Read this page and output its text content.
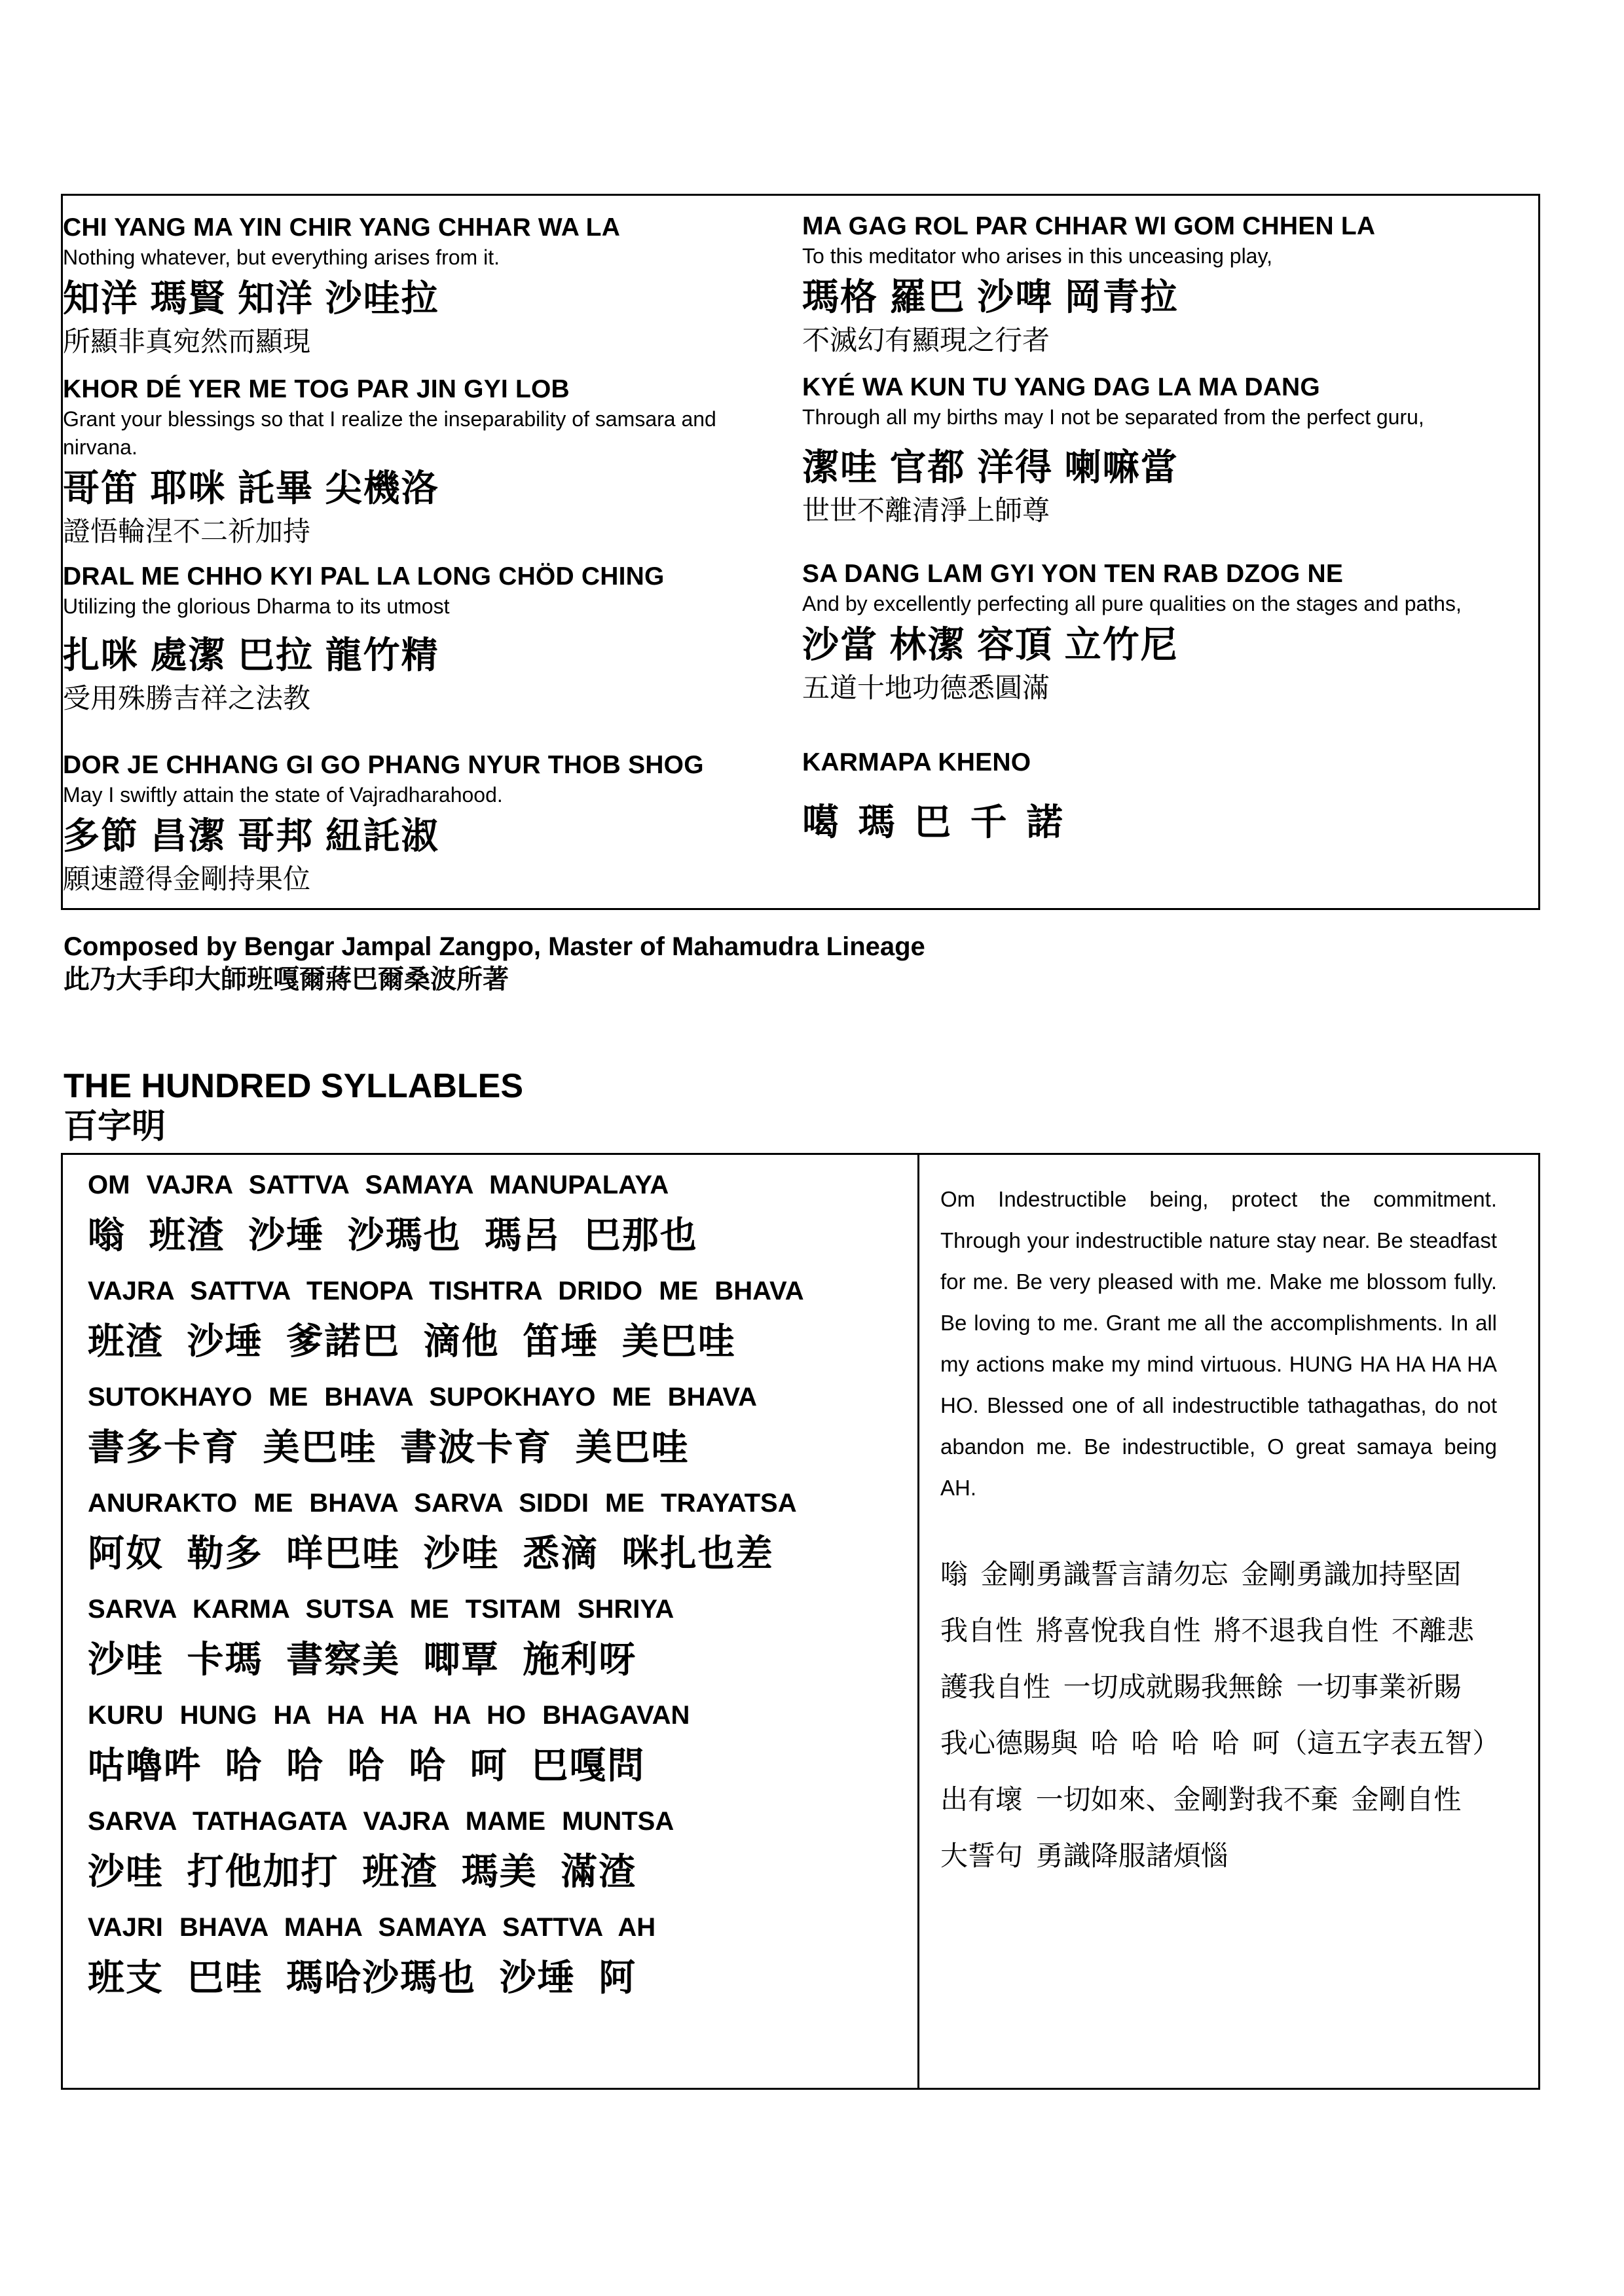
CHI YANG MA YIN CHIR YANG CHHAR WA LA
Nothing whatever, but everything arises from it.
知洋 瑪賢 知洋 沙哇拉
所顯非真宛然而顯現
KHOR DÉ YER ME TOG PAR JIN GYI LOB
Grant your blessings so that I realize the inseparability of samsara and nirvana.
哥笛 耶咪 託畢 尖機洛
證悟輪涅不二祈加持
DRAL ME CHHO KYI PAL LA LONG CHÖD CHING
Utilizing the glorious Dharma to its utmost
扎咪 處潔 巴拉 龍竹精
受用殊勝吉祥之法教
DOR JE CHHANG GI GO PHANG NYUR THOB SHOG
May I swiftly attain the state of Vajradharahood.
多節 昌潔 哥邦 紐託淑
願速證得金剛持果位
MA GAG ROL PAR CHHAR WI GOM CHHEN LA
To this meditator who arises in this unceasing play,
瑪格 羅巴 沙啤 岡青拉
不滅幻有顯現之行者
KYÉ WA KUN TU YANG DAG LA MA DANG
Through all my births may I not be separated from the perfect guru,
潔哇 官都 洋得 喇嘛當
世世不離清淨上師尊
SA DANG LAM GYI YON TEN RAB DZOG NE
And by excellently perfecting all pure qualities on the stages and paths,
沙當 林潔 容頂 立竹尼
五道十地功德悉圓滿
KARMAPA KHENO
噶 瑪 巴 千 諾
Composed by Bengar Jampal Zangpo, Master of Mahamudra Lineage
此乃大手印大師班嘎爾蔣巴爾桑波所著
THE HUNDRED SYLLABLES
百字明
OM VAJRA SATTVA SAMAYA MANUPALAYA
嗡 班渣 沙埵 沙瑪也 瑪呂 巴那也
VAJRA SATTVA TENOPA TISHTRA DRIDO ME BHAVA
班渣 沙埵 爹諾巴 滴他 笛埵 美巴哇
SUTOKHAYO ME BHAVA SUPOKHAYO ME BHAVA
書多卡育 美巴哇 書波卡育 美巴哇
ANURAKTO ME BHAVA SARVA SIDDI ME TRAYATSA
阿奴 勒多 咩巴哇 沙哇 悉滴 咪扎也差
SARVA KARMA SUTSA ME TSITAM SHRIYA
沙哇 卡瑪 書察美 唧覃 施利呀
KURU HUNG HA HA HA HA HO BHAGAVAN
咕嚕吽 哈 哈 哈 哈 呵 巴嘎問
SARVA TATHAGATA VAJRA MAME MUNTSA
沙哇 打他加打 班渣 瑪美 滿渣
VAJRI BHAVA MAHA SAMAYA SATTVA AH
班支 巴哇 瑪哈沙瑪也 沙埵 阿
Om Indestructible being, protect the commitment. Through your indestructible nature stay near. Be steadfast for me. Be very pleased with me. Make me blossom fully. Be loving to me. Grant me all the accomplishments. In all my actions make my mind virtuous. HUNG HA HA HA HA HO. Blessed one of all indestructible tathagathas, do not abandon me. Be indestructible, O great samaya being AH.
嗡 金剛勇識誓言請勿忘 金剛勇識加持堅固
我自性 將喜悅我自性 將不退我自性 不離悲
護我自性 一切成就賜我無餘 一切事業祈賜
我心德賜與 哈 哈 哈 哈 呵（這五字表五智）
出有壞 一切如來、金剛對我不棄 金剛自性
大誓句 勇識降服諸煩惱
